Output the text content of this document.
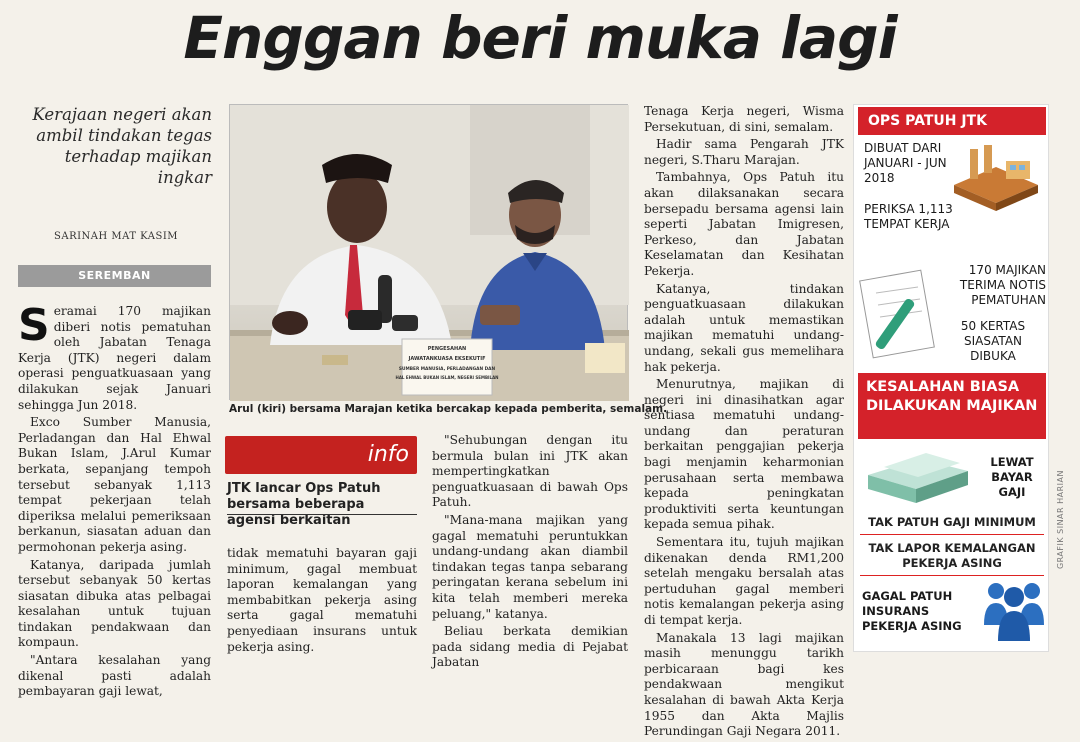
Enggan beri muka lagi
Kerajaan negeri akan ambil tindakan tegas terhadap majikan ingkar
SARINAH MAT KASIM
SEREMBAN

Seramai 170 majikan diberi notis pematuhan oleh Jabatan Tenaga Kerja (JTK) negeri dalam operasi penguatkuasaan yang dilakukan sejak Januari sehingga Jun 2018.

Exco Sumber Manusia, Perladangan dan Hal Ehwal Bukan Islam, J.Arul Kumar berkata, sepanjang tempoh tersebut sebanyak 1,113 tempat pekerjaan telah diperiksa melalui pemeriksaan berkanun, siasatan aduan dan permohonan pekerja asing.

Katanya, daripada jumlah tersebut sebanyak 50 kertas siasatan dibuka atas pelbagai kesalahan untuk tujuan tindakan pendakwaan dan kompaun.

"Antara kesalahan yang dikenal pasti adalah pembayaran gaji lewat,

PENGESAHAN
JAWATANKUASA EKSEKUTIF
SUMBER MANUSIA, PERLADANGAN DAN
HAL EHWAL BUKAN ISLAM, NEGERI SEMBILAN
Arul (kiri) bersama Marajan ketika bercakap kepada pemberita, semalam.
info
JTK lancar Ops Patuh bersama beberapa agensi berkaitan

tidak mematuhi bayaran gaji minimum, gagal membuat laporan kemalangan yang membabitkan pekerja asing serta gagal mematuhi penyediaan insurans untuk pekerja asing.

"Sehubungan dengan itu bermula bulan ini JTK akan mempertingkatkan penguatkuasaan di bawah Ops Patuh.

"Mana-mana majikan yang gagal mematuhi peruntukkan undang-undang akan diambil tindakan tegas tanpa sebarang peringatan kerana sebelum ini kita telah memberi mereka peluang," katanya.

Beliau berkata demikian pada sidang media di Pejabat Jabatan

Tenaga Kerja negeri, Wisma Persekutuan, di sini, semalam.

Hadir sama Pengarah JTK negeri, S.Tharu Marajan.

Tambahnya, Ops Patuh itu akan dilaksanakan secara bersepadu bersama agensi lain seperti Jabatan Imigresen, Perkeso, dan Jabatan Keselamatan dan Kesihatan Pekerja.

Katanya, tindakan penguatkuasaan dilakukan adalah untuk memastikan majikan mematuhi undang-undang, sekali gus memelihara hak pekerja.

Menurutnya, majikan di negeri ini dinasihatkan agar sentiasa mematuhi undang-undang dan peraturan berkaitan penggajian pekerja bagi menjamin keharmonian perusahaan serta membawa kepada peningkatan produktiviti serta keuntungan kepada semua pihak.

Sementara itu, tujuh majikan dikenakan denda RM1,200 setelah mengaku bersalah atas pertuduhan gagal memberi notis kemalangan pekerja asing di tempat kerja.

Manakala 13 lagi majikan masih menunggu tarikh perbicaraan bagi kes pendakwaan mengikut kesalahan di bawah Akta Kerja 1955 dan Akta Majlis Perundingan Gaji Negara 2011.

OPS PATUH JTK
DIBUAT DARI JANUARI - JUN 2018
PERIKSA 1,113 TEMPAT KERJA
170 MAJIKAN TERIMA NOTIS PEMATUHAN
50 KERTAS SIASATAN DIBUKA
KESALAHAN BIASA DILAKUKAN MAJIKAN
LEWAT BAYAR GAJI
TAK PATUH GAJI MINIMUM
TAK LAPOR KEMALANGAN PEKERJA ASING
GAGAL PATUH INSURANS PEKERJA ASING
GRAFIK SINAR HARIAN
